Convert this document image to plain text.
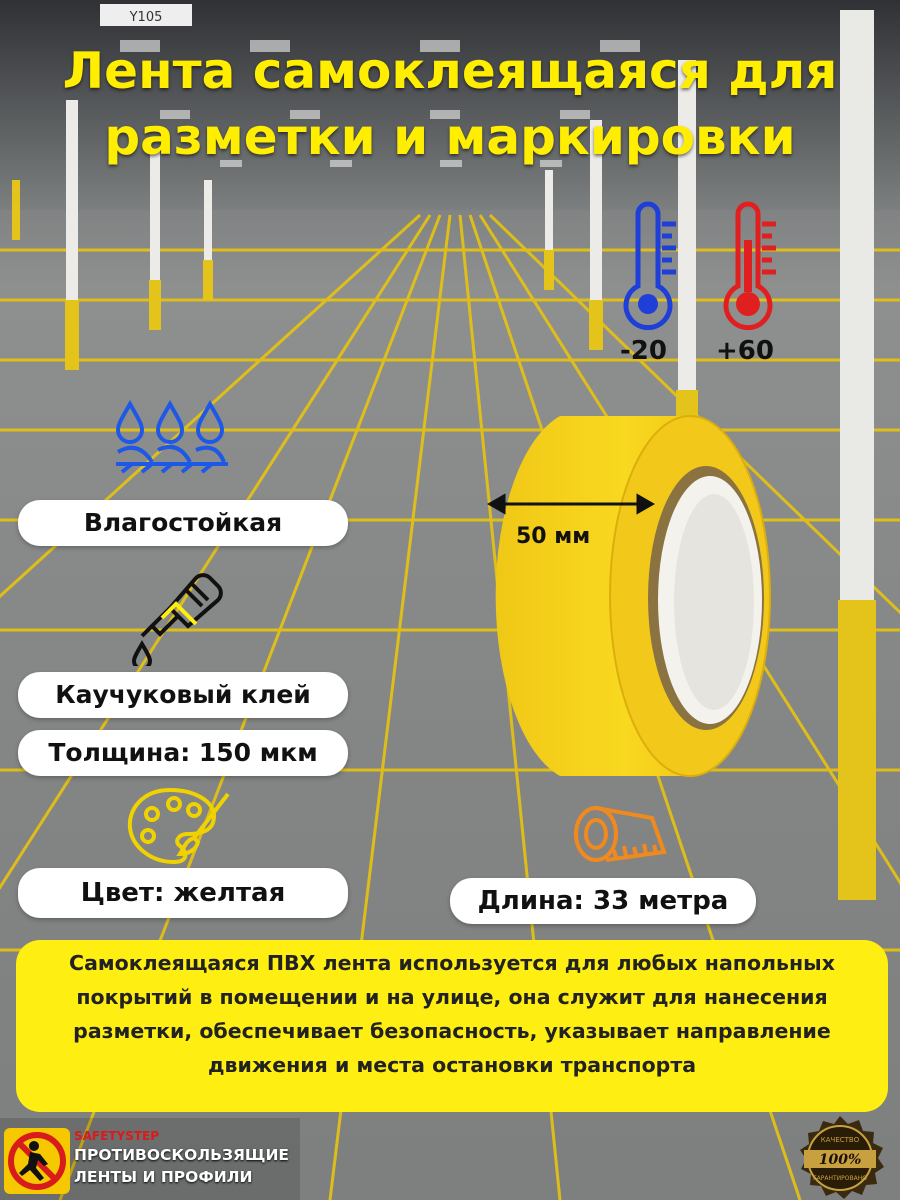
Y105
Лента самоклеящаяся для разметки и маркировки
-20 +60
Влагостойкая
Каучуковый клей
Толщина: 150 мкм
Цвет: желтая
50 мм
Длина: 33 метра
Самоклеящаяся ПВХ лента используется для любых напольных покрытий в помещении и на улице, она служит для нанесения разметки, обеспечивает безопасность, указывает направление движения и места остановки транспорта
SAFETYSTEP
ПРОТИВОСКОЛЬЗЯЩИЕ
ЛЕНТЫ И ПРОФИЛИ
100%
КАЧЕСТВО
ГАРАНТИРОВАНО
